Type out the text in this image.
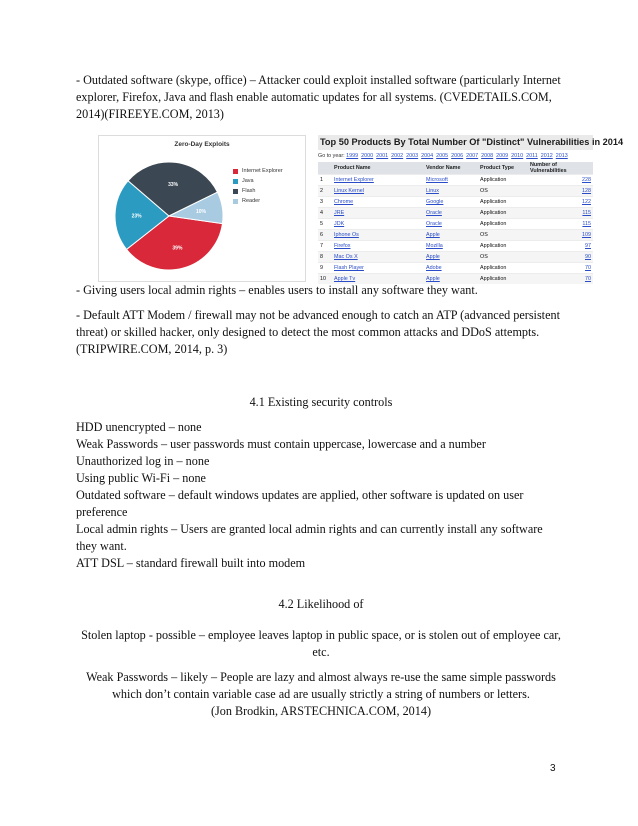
- Outdated software (skype, office) – Attacker could exploit installed software (particularly Internet explorer, Firefox, Java and flash enable automatic updates for all systems. (CVEDETAILS.COM, 2014)(FIREEYE.COM, 2013)
Zero-Day Exploits
39%
23%
33%
10%
Internet Explorer
Java
Flash
Reader
Top 50 Products By Total Number Of "Distinct" Vulnerabilities in 2014
Go to year: 1999 2000 2001 2002 2003 2004 2005 2006 2007 2008 2009 2010 2011 2012 2013
	Product Name	Vendor Name	Product Type	Number of Vulnerabilities
1	Internet Explorer	Microsoft	Application	228
2	Linux Kernel	Linux	OS	128
3	Chrome	Google	Application	122
4	JRE	Oracle	Application	115
5	JDK	Oracle	Application	115
6	Iphone Os	Apple	OS	109
7	Firefox	Mozilla	Application	97
8	Mac Os X	Apple	OS	90
9	Flash Player	Adobe	Application	70
10	Apple Tv	Apple	Application	70
- Giving users local admin rights – enables users to install any software they want.
- Default ATT Modem / firewall may not be advanced enough to catch an ATP (advanced persistent threat) or skilled hacker, only designed to detect the most common attacks and DDoS attempts. (TRIPWIRE.COM, 2014, p. 3)
4.1 Existing security controls
HDD unencrypted – none
Weak Passwords – user passwords must contain uppercase, lowercase and a number
Unauthorized log in – none
Using public Wi-Fi – none
Outdated software – default windows updates are applied, other software is updated on user preference
Local admin rights – Users are granted local admin rights and can currently install any software they want.
ATT DSL – standard firewall built into modem
4.2 Likelihood of
Stolen laptop - possible – employee leaves laptop in public space, or is stolen out of employee car, etc.
Weak Passwords – likely – People are lazy and almost always re-use the same simple passwords which don’t contain variable case ad are usually strictly a string of numbers or letters.
(Jon Brodkin, ARSTECHNICA.COM, 2014)
3
